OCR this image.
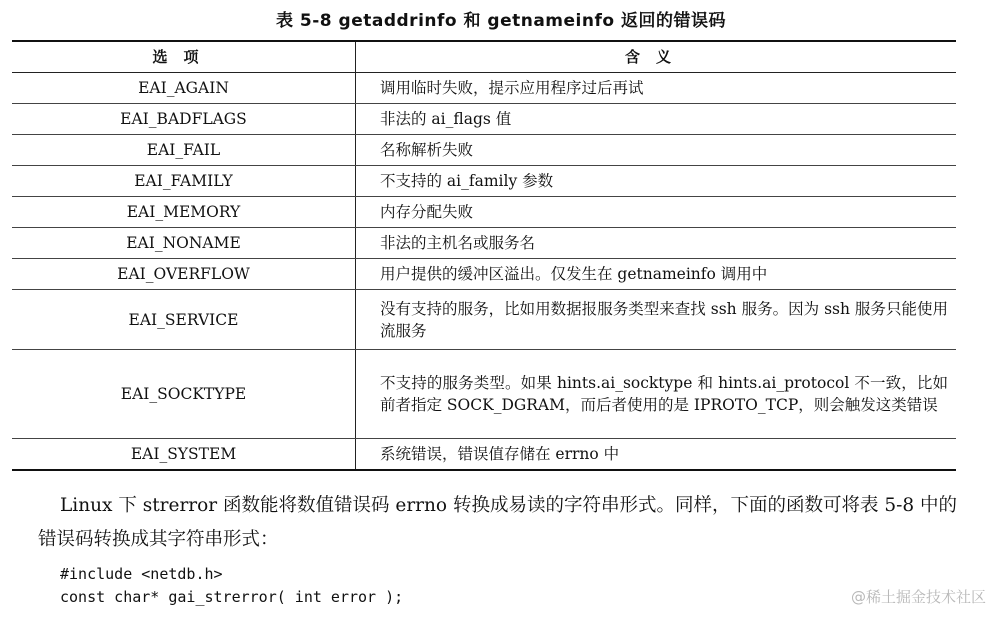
表 5-8 getaddrinfo 和 getnameinfo 返回的错误码
选项	含义
EAI_AGAIN	调用临时失败，提示应用程序过后再试
EAI_BADFLAGS	非法的 ai_flags 值
EAI_FAIL	名称解析失败
EAI_FAMILY	不支持的 ai_family 参数
EAI_MEMORY	内存分配失败
EAI_NONAME	非法的主机名或服务名
EAI_OVERFLOW	用户提供的缓冲区溢出。仅发生在 getnameinfo 调用中
EAI_SERVICE	没有支持的服务，比如用数据报服务类型来查找 ssh 服务。因为 ssh 服务只能使用流服务
EAI_SOCKTYPE	不支持的服务类型。如果 hints.ai_socktype 和 hints.ai_protocol 不一致，比如前者指定 SOCK_DGRAM，而后者使用的是 IPROTO_TCP，则会触发这类错误
EAI_SYSTEM	系统错误，错误值存储在 errno 中

Linux 下 strerror 函数能将数值错误码 errno 转换成易读的字符串形式。同样，下面的函数可将表 5-8 中的错误码转换成其字符串形式：

#include <netdb.h>
const char* gai_strerror( int error );	@稀土掘金技术社区
